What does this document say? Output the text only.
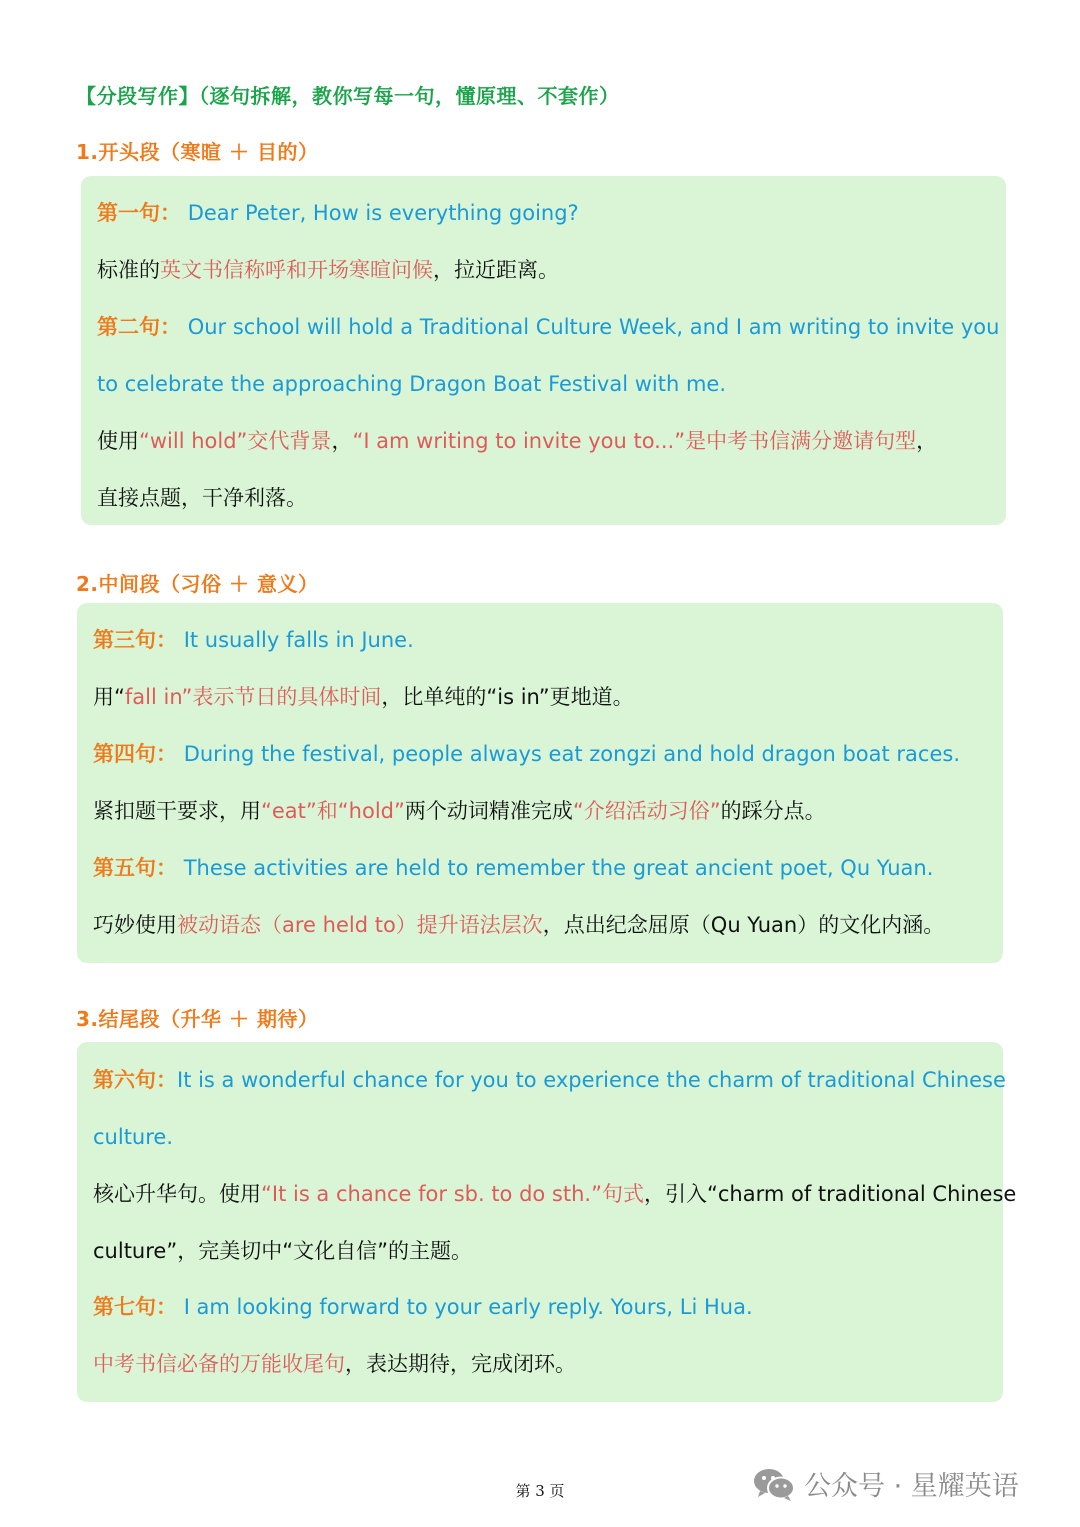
【分段写作】（逐句拆解，教你写每一句，懂原理、不套作）
1.开头段（寒暄 ＋ 目的）
第一句： Dear Peter, How is everything going?
标准的英文书信称呼和开场寒暄问候，拉近距离。
第二句： Our school will hold a Traditional Culture Week, and I am writing to invite you
to celebrate the approaching Dragon Boat Festival with me.
使用“will hold”交代背景，“I am writing to invite you to...”是中考书信满分邀请句型，
直接点题，干净利落。
2.中间段（习俗 ＋ 意义）
第三句： It usually falls in June.
用“fall in”表示节日的具体时间，比单纯的“is in”更地道。
第四句： During the festival, people always eat zongzi and hold dragon boat races.
紧扣题干要求，用“eat”和“hold”两个动词精准完成“介绍活动习俗”的踩分点。
第五句： These activities are held to remember the great ancient poet, Qu Yuan.
巧妙使用被动语态（are held to）提升语法层次，点出纪念屈原（Qu Yuan）的文化内涵。
3.结尾段（升华 ＋ 期待）
第六句：It is a wonderful chance for you to experience the charm of traditional Chinese
culture.
核心升华句。使用“It is a chance for sb. to do sth.”句式，引入“charm of traditional Chinese
culture”，完美切中“文化自信”的主题。
第七句： I am looking forward to your early reply. Yours, Li Hua.
中考书信必备的万能收尾句，表达期待，完成闭环。
第 3 页	公众号 · 星耀英语
